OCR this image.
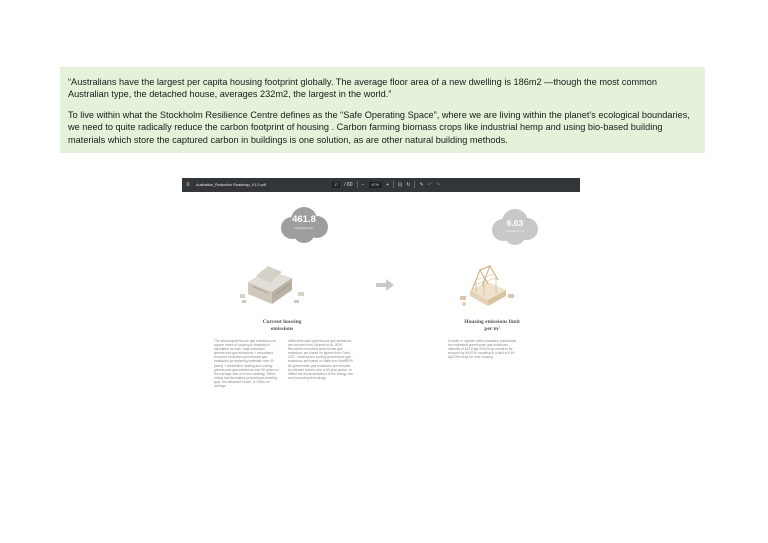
“Australians have the largest per capita housing footprint globally. The average floor area of a new dwelling is 186m2 —though the most common Australian type, the detached house, averages 232m2, the largest in the world.”

To live within what the Stockholm Resilience Centre defines as the “Safe Operating Space”, where we are living within the planet’s ecological boundaries, we need to quite radically reduce the carbon footprint of housing . Carbon farming biomass crops like industrial hemp and using bio-based building materials which store the captured carbon in buildings is one solution, as are other natural building methods.

≡	Australian_Reduction Roadmap_V1.0.pdf	17	/ 60 −	67%	+ ⊡ ↻ ✎ ↶ ↷
461.8
kgCO2e/m²/yr	6.63
kgCO2e/m²/yr
Current housing emissions
Housing emissions limit per m²
The annual greenhouse gas emissions per square metre of housing in Australia is calculated as such: total embodied greenhouse gas emissions + annualised recurrent embodied greenhouse gas emissions (ie replacing materials over 50 years) + annualised heating and cooling greenhouse gas emissions over 50 years for the average size of a new dwelling, 186m² noting that Australia's predominant dwelling type, the detached house, is 232m² on average.
Initial embodied greenhouse gas emissions are sourced from Schmidt et al. 2020. Recurrent embodied greenhouse gas emissions are based on figures from Clark 2017. Heating and cooling greenhouse gas emissions are based on data from NatHERS. All greenhouse gas emissions are reduced by relevant factors over a 50 year period, to reflect the decarbonisation of the energy mix and improving technology.
In order to operate within planetary boundaries, the estimated greenhouse gas emissions intensity of 461.8 kgCO2e/m²/yr needs to be reduced by 98.57%, resulting in a limit of 6.63 kgCO2e/m²/yr for new housing.
